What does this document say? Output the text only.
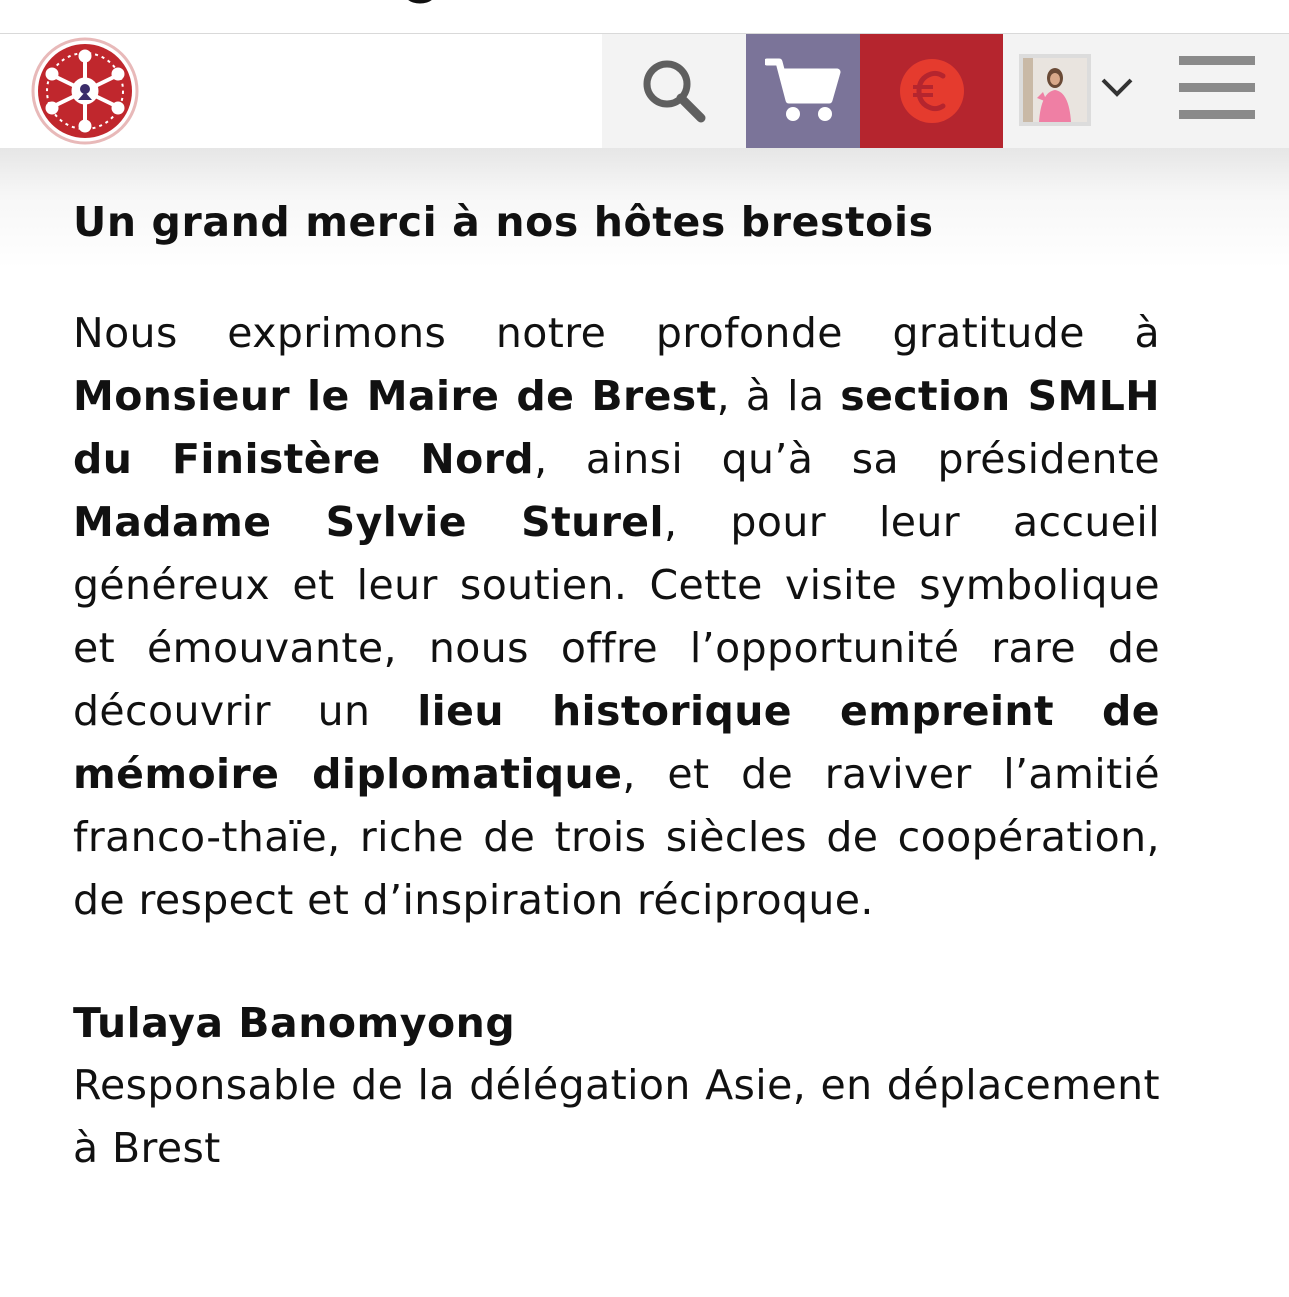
Un grand merci à nos hôtes brestois

Nous exprimons notre profonde gratitude à Monsieur le Maire de Brest, à la section SMLH du Finistère Nord, ainsi qu’à sa présidente Madame Sylvie Sturel, pour leur accueil généreux et leur soutien. Cette visite symbolique et émouvante, nous offre l’opportunité rare de découvrir un lieu historique empreint de mémoire diplomatique, et de raviver l’amitié franco-thaïe, riche de trois siècles de coopération, de respect et d’inspiration réciproque.

Tulaya Banomyong
Responsable de la délégation Asie, en déplacement à Brest
